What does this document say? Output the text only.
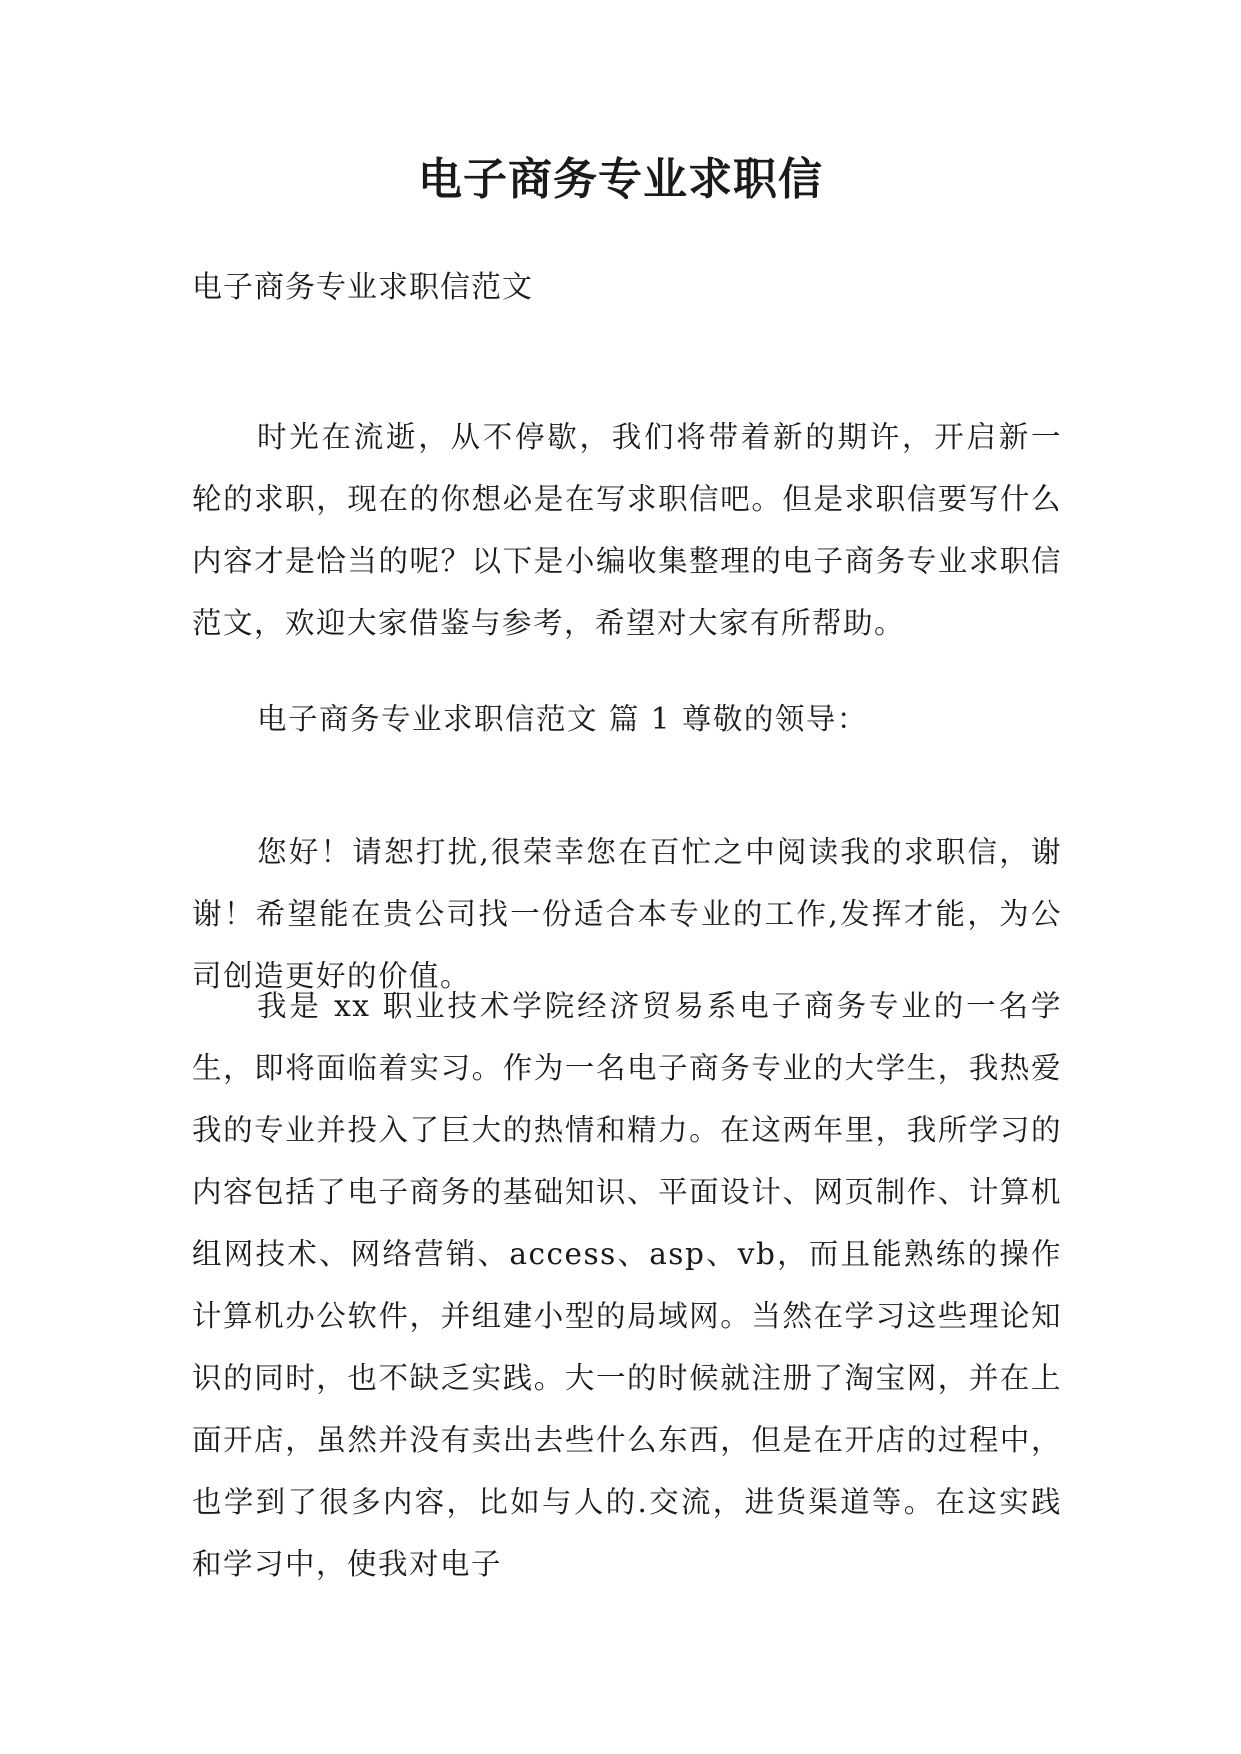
电子商务专业求职信
电子商务专业求职信范文

时光在流逝，从不停歇，我们将带着新的期许，开启新一轮的求职，现在的你想必是在写求职信吧。但是求职信要写什么内容才是恰当的呢？以下是小编收集整理的电子商务专业求职信范文，欢迎大家借鉴与参考，希望对大家有所帮助。

电子商务专业求职信范文 篇 1 尊敬的领导：

您好！请恕打扰,很荣幸您在百忙之中阅读我的求职信，谢谢！希望能在贵公司找一份适合本专业的工作,发挥才能，为公司创造更好的价值。

我是 xx 职业技术学院经济贸易系电子商务专业的一名学生，即将面临着实习。作为一名电子商务专业的大学生，我热爱我的专业并投入了巨大的热情和精力。在这两年里，我所学习的内容包括了电子商务的基础知识、平面设计、网页制作、计算机组网技术、网络营销、access、asp、vb，而且能熟练的操作计算机办公软件，并组建小型的局域网。当然在学习这些理论知识的同时，也不缺乏实践。大一的时候就注册了淘宝网，并在上面开店，虽然并没有卖出去些什么东西，但是在开店的过程中，也学到了很多内容，比如与人的.交流，进货渠道等。在这实践和学习中，使我对电子
